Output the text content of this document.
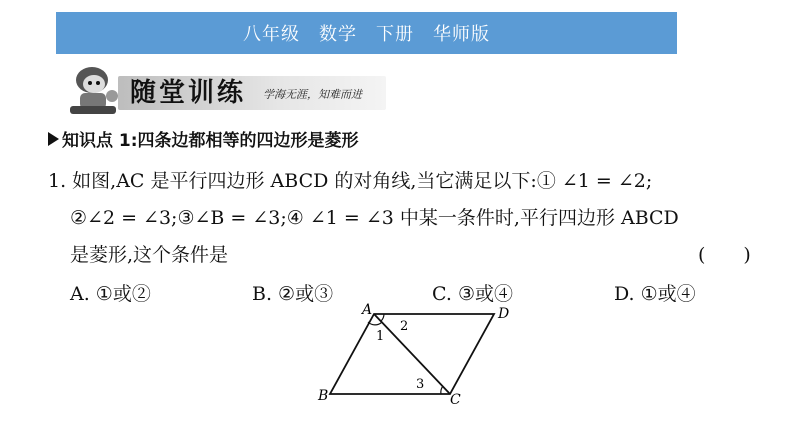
八年级　数学　下册　华师版
随堂训练 学海无涯，知难而进
知识点 1:四条边都相等的四边形是菱形
1. 如图,AC 是平行四边形 ABCD 的对角线,当它满足以下:① ∠1 = ∠2;
②∠2 = ∠3;③∠B = ∠3;④ ∠1 = ∠3 中某一条件时,平行四边形 ABCD
是菱形,这个条件是	(　　)
A. ①或②	B. ②或③	C. ③或④	D. ①或④
A	D
B	C
1
2
3
